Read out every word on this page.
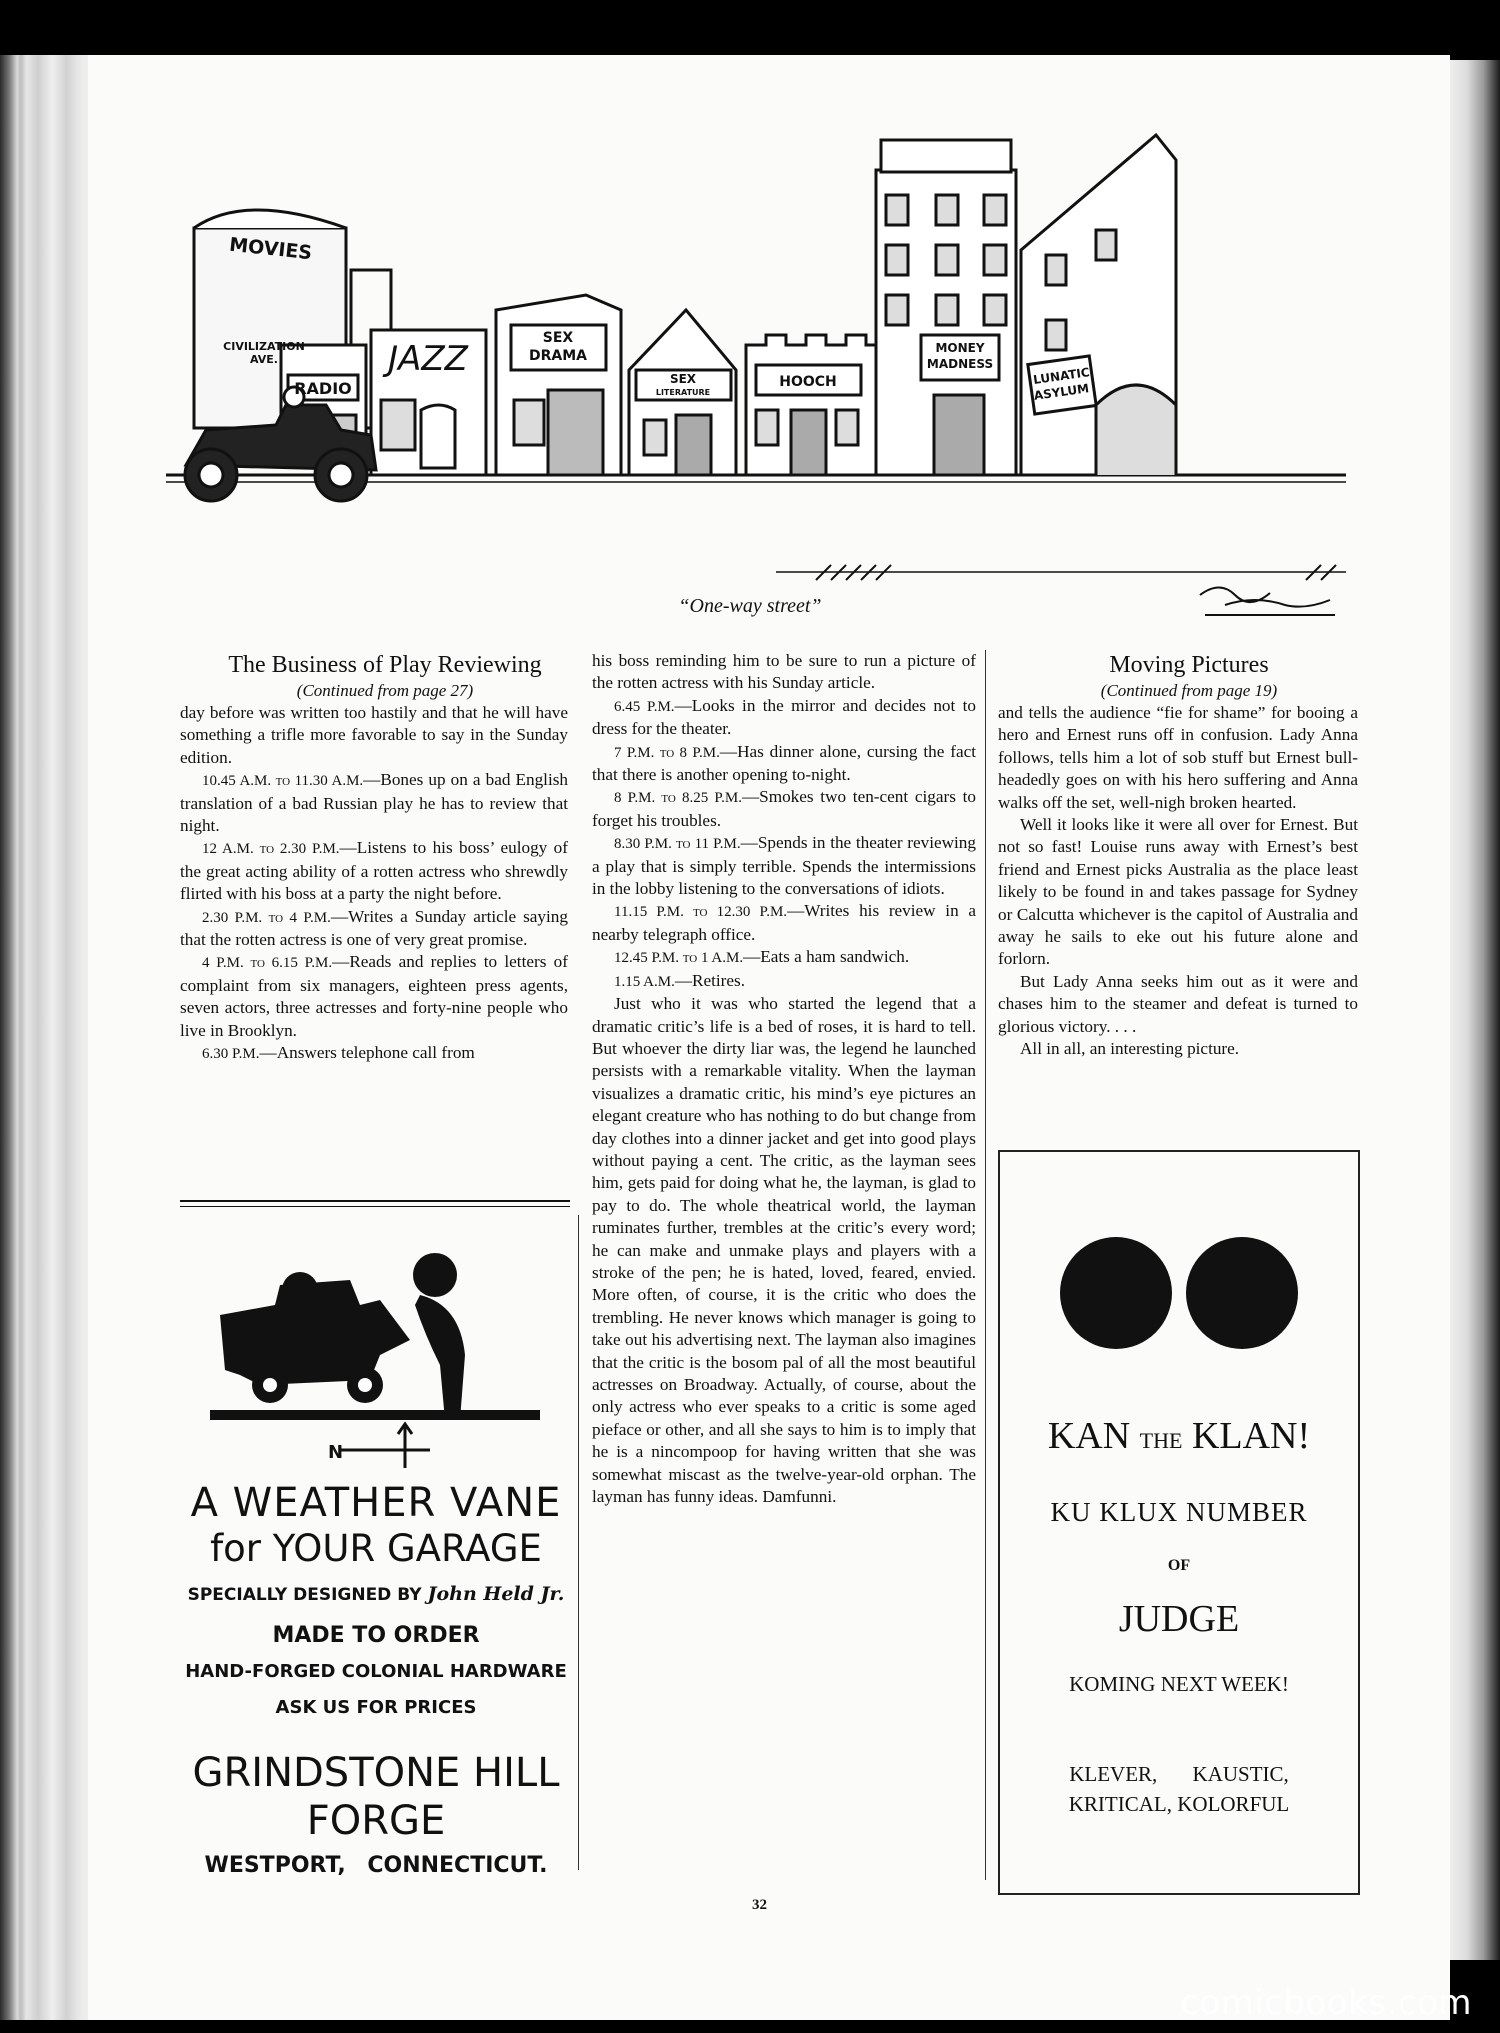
MOVIES
CIVILIZATION
AVE.
RADIO
JAZZ
SEX
DRAMA
SEX
LITERATURE
HOOCH
MONEY
MADNESS
LUNATIC
ASYLUM
“One-way street”

The Business of Play Reviewing

(Continued from page 27)

day before was written too hastily and that he will have something a trifle more favorable to say in the Sunday edition.

10.45 A.M. to 11.30 A.M.—Bones up on a bad English translation of a bad Russian play he has to review that night.

12 A.M. to 2.30 P.M.—Listens to his boss’ eulogy of the great acting ability of a rotten actress who shrewdly flirted with his boss at a party the night before.

2.30 P.M. to 4 P.M.—Writes a Sunday article saying that the rotten actress is one of very great promise.

4 P.M. to 6.15 P.M.—Reads and replies to letters of complaint from six managers, eighteen press agents, seven actors, three actresses and forty-nine people who live in Brooklyn.

6.30 P.M.—Answers telephone call from

N
A WEATHER VANE
for YOUR GARAGE
SPECIALLY DESIGNED BY John Held Jr.
MADE TO ORDER
HAND-FORGED COLONIAL HARDWARE
ASK US FOR PRICES
GRINDSTONE HILL
FORGE
WESTPORT, CONNECTICUT.

his boss reminding him to be sure to run a picture of the rotten actress with his Sunday article.

6.45 P.M.—Looks in the mirror and decides not to dress for the theater.

7 P.M. to 8 P.M.—Has dinner alone, cursing the fact that there is another opening to-night.

8 P.M. to 8.25 P.M.—Smokes two ten-cent cigars to forget his troubles.

8.30 P.M. to 11 P.M.—Spends in the theater reviewing a play that is simply terrible. Spends the intermissions in the lobby listening to the conversations of idiots.

11.15 P.M. to 12.30 P.M.—Writes his review in a nearby telegraph office.

12.45 P.M. to 1 A.M.—Eats a ham sandwich.

1.15 A.M.—Retires.

Just who it was who started the legend that a dramatic critic’s life is a bed of roses, it is hard to tell. But whoever the dirty liar was, the legend he launched persists with a remarkable vitality. When the layman visualizes a dramatic critic, his mind’s eye pictures an elegant creature who has nothing to do but change from day clothes into a dinner jacket and get into good plays without paying a cent. The critic, as the layman sees him, gets paid for doing what he, the layman, is glad to pay to do. The whole theatrical world, the layman ruminates further, trembles at the critic’s every word; he can make and unmake plays and players with a stroke of the pen; he is hated, loved, feared, envied. More often, of course, it is the critic who does the trembling. He never knows which manager is going to take out his advertising next. The layman also imagines that the critic is the bosom pal of all the most beautiful actresses on Broadway. Actually, of course, about the only actress who ever speaks to a critic is some aged pieface or other, and all she says to him is to imply that he is a nincompoop for having written that she was somewhat miscast as the twelve-year-old orphan. The layman has funny ideas. Damfunni.

Moving Pictures

(Continued from page 19)

and tells the audience “fie for shame” for booing a hero and Ernest runs off in confusion. Lady Anna follows, tells him a lot of sob stuff but Ernest bull-headedly goes on with his hero suffering and Anna walks off the set, well-nigh broken hearted.

Well it looks like it were all over for Ernest. But not so fast! Louise runs away with Ernest’s best friend and Ernest picks Australia as the place least likely to be found in and takes passage for Sydney or Calcutta whichever is the capitol of Australia and away he sails to eke out his future alone and forlorn.

But Lady Anna seeks him out as it were and chases him to the steamer and defeat is turned to glorious victory. . . .

All in all, an interesting picture.

KAN THE KLAN!
KU KLUX NUMBER
OF
JUDGE
KOMING NEXT WEEK!
KLEVER, KAUSTIC,
KRITICAL, KOLORFUL
32
comicbooks.com
